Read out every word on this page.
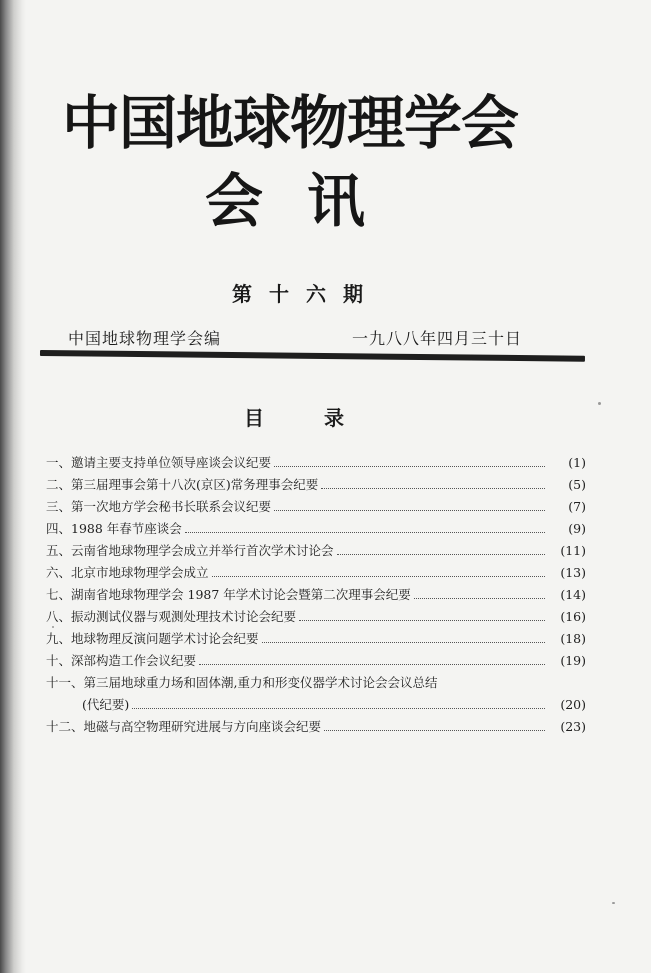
中国地球物理学会
会讯
第十六期
中国地球物理学会编	一九八八年四月三十日
目录
一、 邀请主要支持单位领导座谈会议纪要	(1)
二、 第三届理事会第十八次(京区)常务理事会纪要	(5)
三、 第一次地方学会秘书长联系会议纪要	(7)
四、 1988 年春节座谈会	(9)
五、 云南省地球物理学会成立并举行首次学术讨论会	(11)
六、 北京市地球物理学会成立	(13)
七、 湖南省地球物理学会 1987 年学术讨论会暨第二次理事会纪要	(14)
八、 振动测试仪器与观测处理技术讨论会纪要	(16)
九、 地球物理反演问题学术讨论会纪要	(18)
十、 深部构造工作会议纪要	(19)
十一、 第三届地球重力场和固体潮,重力和形变仪器学术讨论会会议总结
(代纪要)	(20)
十二、 地磁与高空物理研究进展与方向座谈会纪要	(23)
